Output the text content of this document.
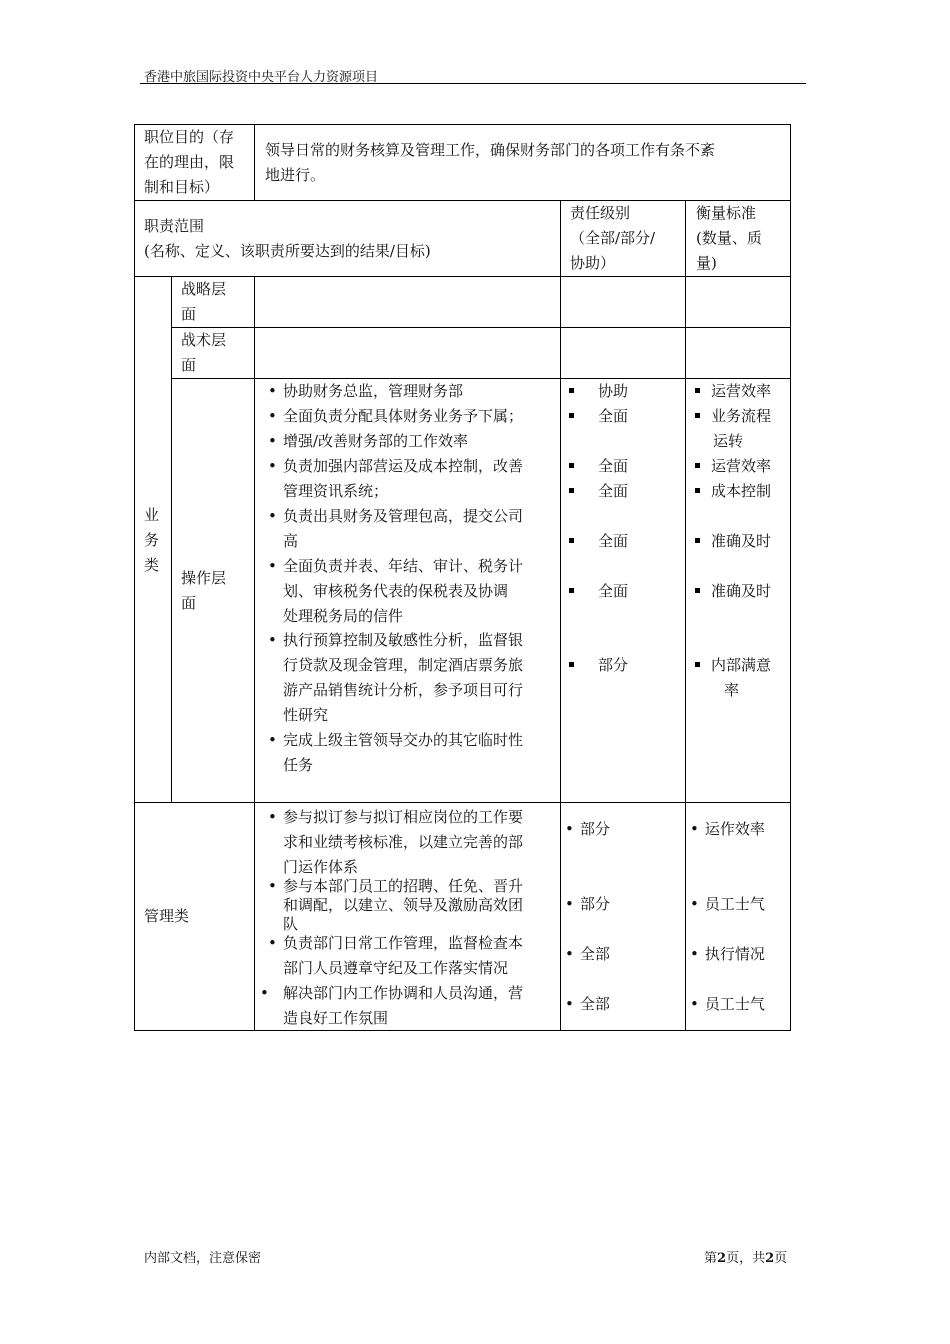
香港中旅国际投资中央平台人力资源项目
职位目的（存
在的理由，限
制和目标）
领导日常的财务核算及管理工作，确保财务部门的各项工作有条不紊
地进行。
职责范围
(名称、定义、该职责所要达到的结果/目标)
责任级别
（全部/部分/
协助）
衡量标准
(数量、质
量)
业
务
类
战略层
面
战术层
面
操作层
面
• 协助财务总监，管理财务部
• 全面负责分配具体财务业务予下属；
• 增强/改善财务部的工作效率
• 负责加强内部营运及成本控制，改善
管理资讯系统；
• 负责出具财务及管理包高，提交公司
高
• 全面负责并表、年结、审计、税务计
划、审核税务代表的保税表及协调
处理税务局的信件
• 执行预算控制及敏感性分析，监督银
行贷款及现金管理，制定酒店票务旅
游产品销售统计分析，参予项目可行
性研究
• 完成上级主管领导交办的其它临时性
任务
协助
全面
全面
全面
全面
全面
部分
运营效率
业务流程
运转
运营效率
成本控制
准确及时
准确及时
内部满意
率
管理类
• 参与拟订参与拟订相应岗位的工作要
求和业绩考核标准，以建立完善的部
门运作体系
• 参与本部门员工的招聘、任免、晋升
和调配，以建立、领导及激励高效团
队
• 负责部门日常工作管理，监督检查本
部门人员遵章守纪及工作落实情况
• 解决部门内工作协调和人员沟通，营
造良好工作氛围
• 部分
• 部分
• 全部
• 全部
• 运作效率
• 员工士气
• 执行情况
• 员工士气
内部文档，注意保密	第2页，共2页
